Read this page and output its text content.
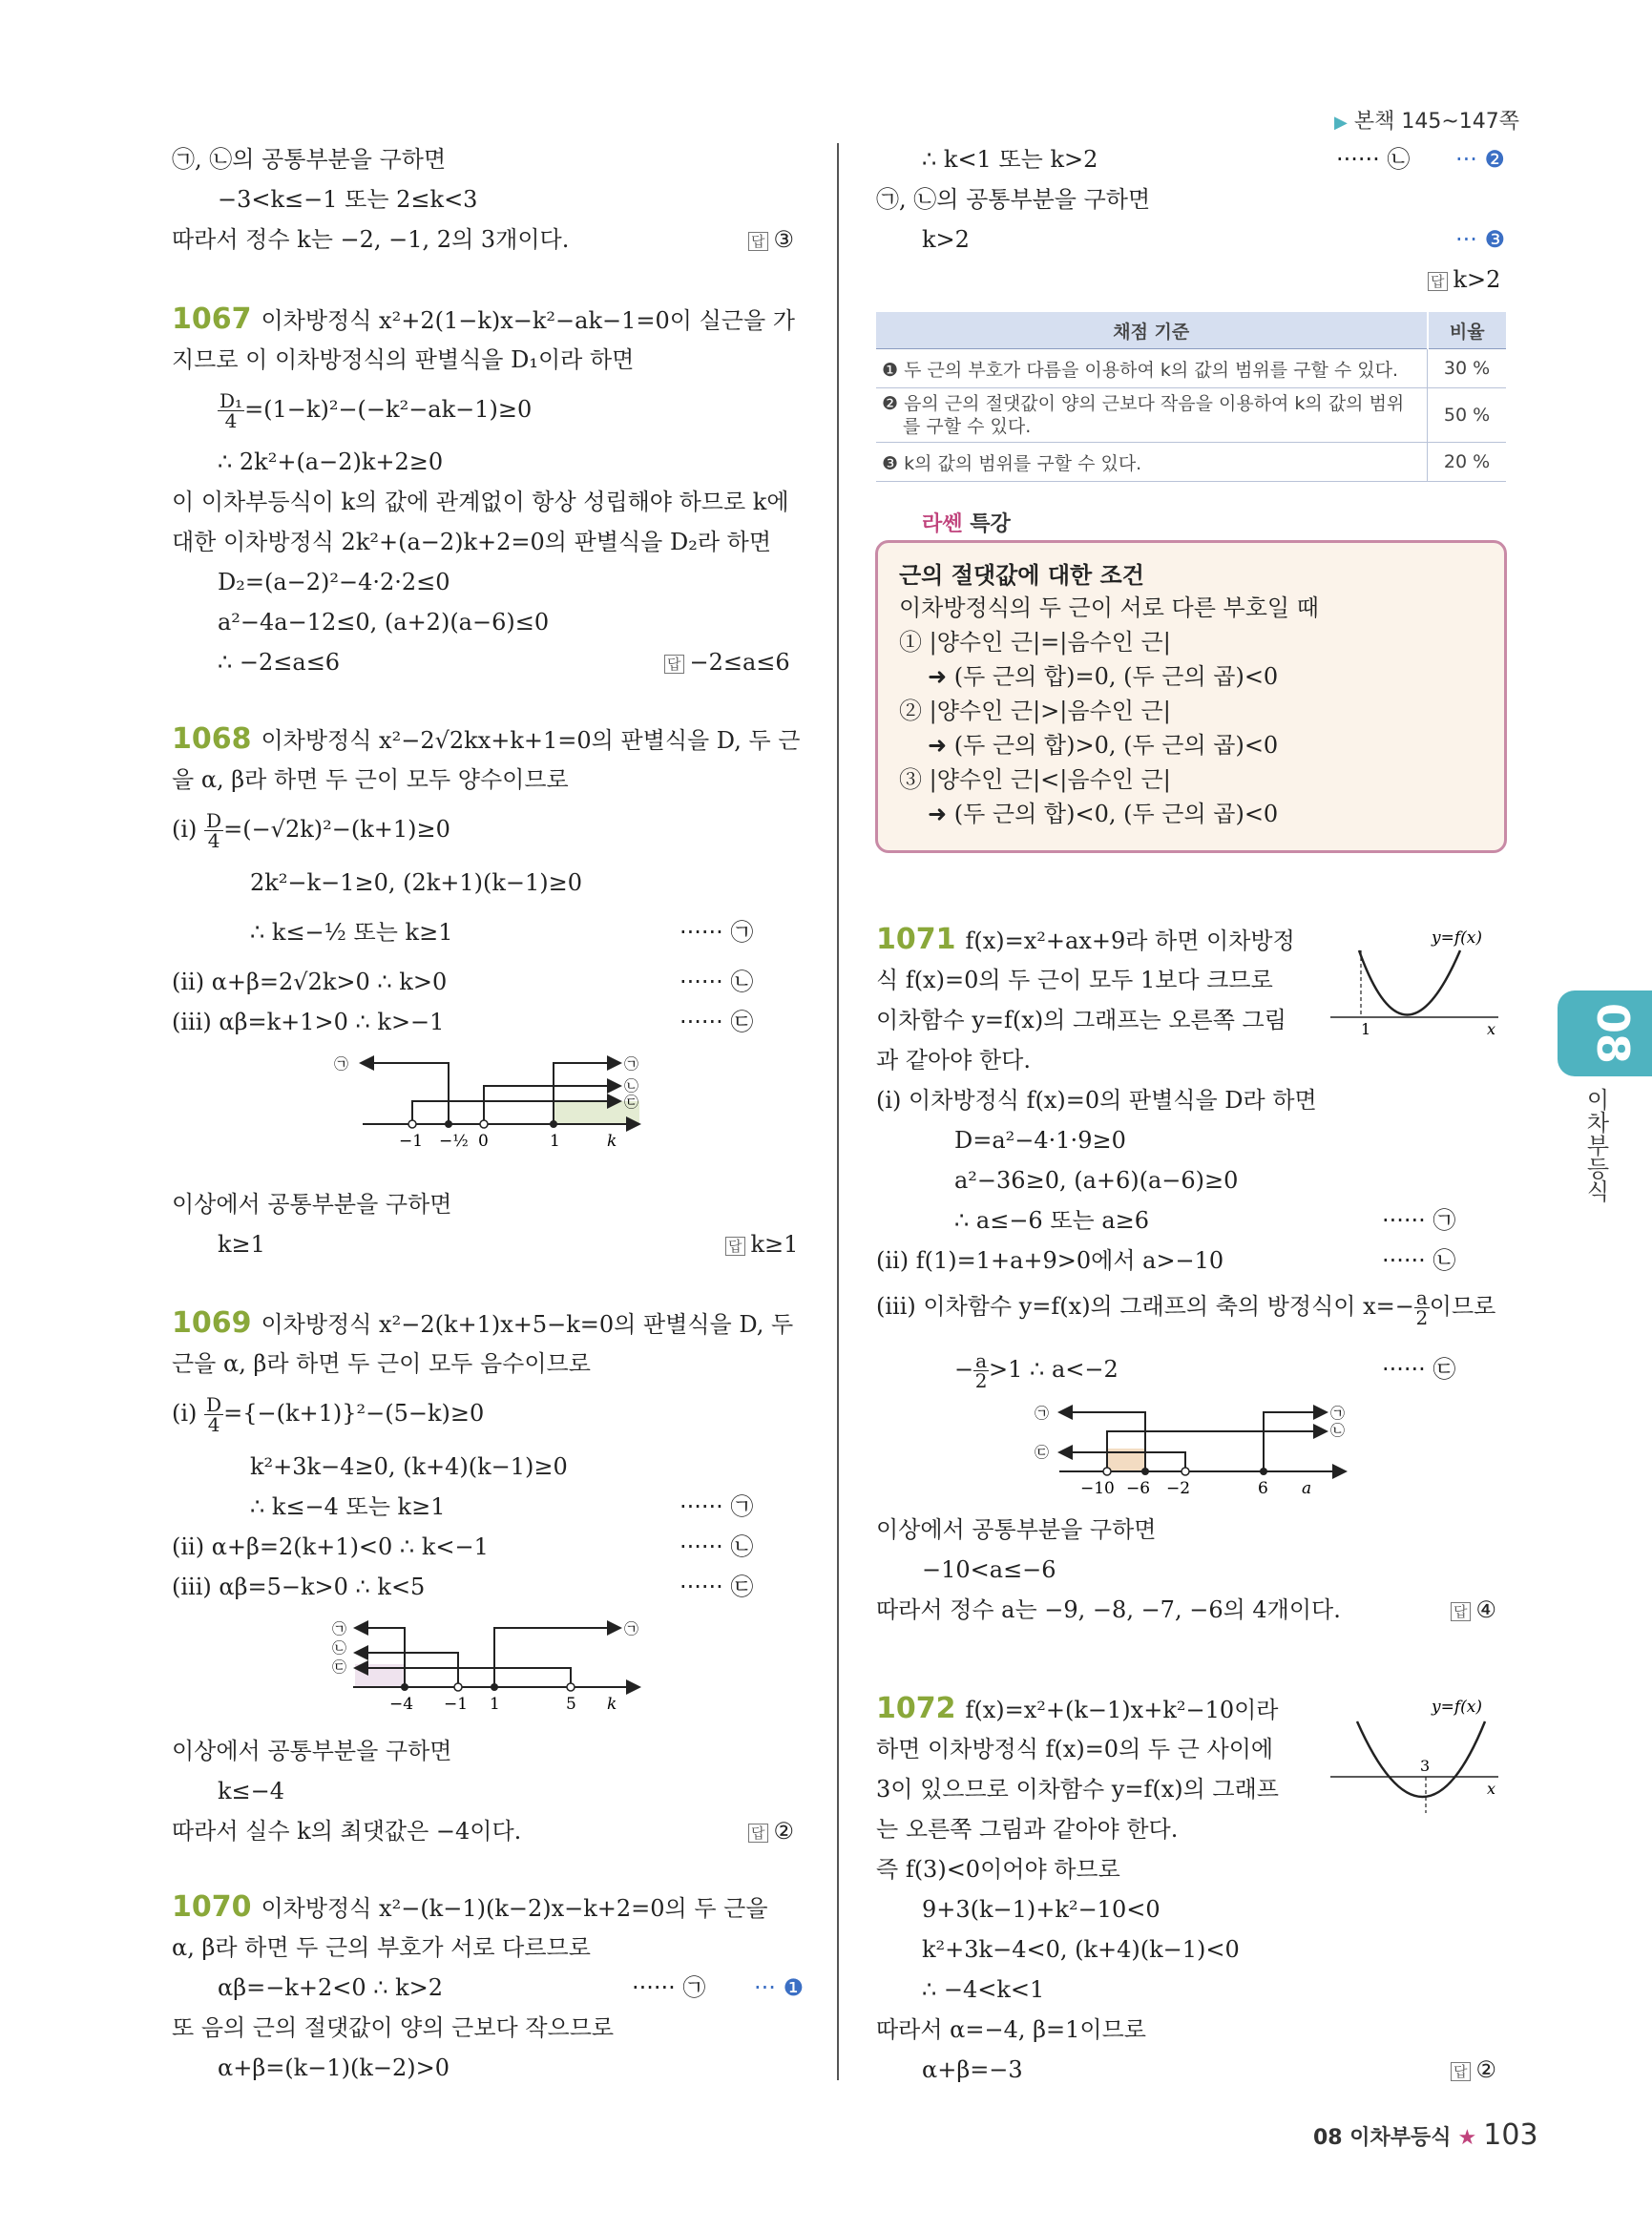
▶ 본책 145~147쪽
㉠, ㉡의 공통부분을 구하면
−3<k≤−1 또는 2≤k<3
따라서 정수 k는 −2, −1, 2의 3개이다.	답 ③
1067 이차방정식 x²+2(1−k)x−k²−ak−1=0이 실근을 가
지므로 이 이차방정식의 판별식을 D₁이라 하면
$\frac{\text{D₁}}{4} =(1-k)^2-(-k^2-ak-1)\ge 0$
∴ 2k²+(a−2)k+2≥0
이 이차부등식이 k의 값에 관계없이 항상 성립해야 하므로 k에
대한 이차방정식 2k²+(a−2)k+2=0의 판별식을 D₂라 하면
D₂=(a−2)²−4·2·2≤0
a²−4a−12≤0, (a+2)(a−6)≤0
∴ −2≤a≤6	답 −2≤a≤6
1068 이차방정식 x²−2√2kx+k+1=0의 판별식을 D, 두 근
을 α, β라 하면 두 근이 모두 양수이므로
$(i) \frac{D}{4} =(-√2k)^2-(k+1)\ge 0$
2k²−k−1≥0, (2k+1)(k−1)≥0
∴ k≤−½ 또는 k≥1	······ ㉠
(ii) α+β=2√2k>0 ∴ k>0	······ ㉡
(iii) αβ=k+1>0 ∴ k>−1	······ ㉢
㉠	㉠
㉡
㉢
−1 −½ 0	1	k
이상에서 공통부분을 구하면
k≥1	답 k≥1
1069 이차방정식 x²−2(k+1)x+5−k=0의 판별식을 D, 두
근을 α, β라 하면 두 근이 모두 음수이므로
$(i) \frac{D}{4} =\{-(k+1)\}^2-(5-k)\ge 0$
k²+3k−4≥0, (k+4)(k−1)≥0
∴ k≤−4 또는 k≥1	······ ㉠
(ii) α+β=2(k+1)<0 ∴ k<−1	······ ㉡
(iii) αβ=5−k>0 ∴ k<5	······ ㉢
㉠
㉡
㉢
㉠
−4 −1 1	5 k
이상에서 공통부분을 구하면
k≤−4
따라서 실수 k의 최댓값은 −4이다.	답 ②
1070 이차방정식 x²−(k−1)(k−2)x−k+2=0의 두 근을
α, β라 하면 두 근의 부호가 서로 다르므로
αβ=−k+2<0 ∴ k>2	······ ㉠ ··· ❶
또 음의 근의 절댓값이 양의 근보다 작으므로
α+β=(k−1)(k−2)>0
∴ k<1 또는 k>2	······ ㉡ ··· ❷
㉠, ㉡의 공통부분을 구하면
k>2	··· ❸
답 k>2
채점 기준	비율
❶ 두 근의 부호가 다름을 이용하여 k의 값의 범위를 구할 수 있다.	30 %
❷ 음의 근의 절댓값이 양의 근보다 작음을 이용하여 k의 값의 범위
를 구할 수 있다.	50 %
❸ k의 값의 범위를 구할 수 있다.	20 %
라쎈 특강
근의 절댓값에 대한 조건
이차방정식의 두 근이 서로 다른 부호일 때
① |양수인 근|=|음수인 근|
➜ (두 근의 합)=0, (두 근의 곱)<0
② |양수인 근|>|음수인 근|
➜ (두 근의 합)>0, (두 근의 곱)<0
③ |양수인 근|<|음수인 근|
➜ (두 근의 합)<0, (두 근의 곱)<0
1071 f(x)=x²+ax+9라 하면 이차방정
식 f(x)=0의 두 근이 모두 1보다 크므로
이차함수 y=f(x)의 그래프는 오른쪽 그림
과 같아야 한다.
y=f(x)
1	x
(i) 이차방정식 f(x)=0의 판별식을 D라 하면
D=a²−4·1·9≥0
a²−36≥0, (a+6)(a−6)≥0
∴ a≤−6 또는 a≥6	······ ㉠
(ii) f(1)=1+a+9>0에서 a>−10	······ ㉡
(iii) 이차함수 y=f(x)의 그래프의 축의 방정식이 $x=- \frac{a}{2}$ 이므로
− $\frac{a}{2} >1$ ∴ a<−2	······ ㉢
㉠
㉢
㉠
㉡
−10 −6 −2	6 a
이상에서 공통부분을 구하면
−10<a≤−6
따라서 정수 a는 −9, −8, −7, −6의 4개이다.	답 ④
1072 f(x)=x²+(k−1)x+k²−10이라
하면 이차방정식 f(x)=0의 두 근 사이에
3이 있으므로 이차함수 y=f(x)의 그래프
는 오른쪽 그림과 같아야 한다.
y=f(x)
3
x
즉 f(3)<0이어야 하므로
9+3(k−1)+k²−10<0
k²+3k−4<0, (k+4)(k−1)<0
∴ −4<k<1
따라서 α=−4, β=1이므로
α+β=−3	답 ②
08
이차부등식
08 이차부등식 ★ 103
